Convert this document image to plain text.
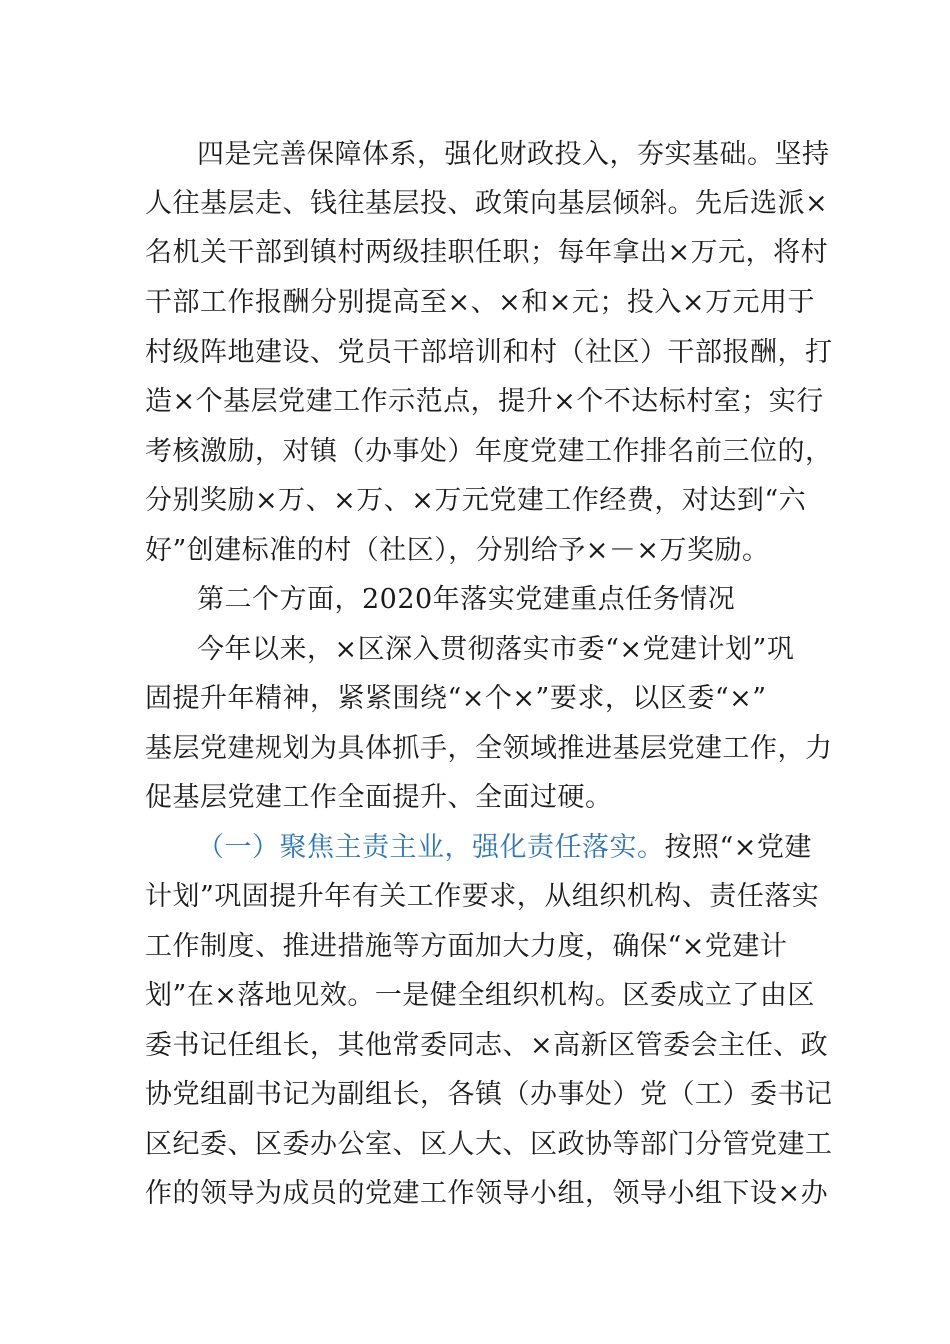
四是完善保障体系，强化财政投入，夯实基础。坚持
人往基层走、钱往基层投、政策向基层倾斜。先后选派×
名机关干部到镇村两级挂职任职；每年拿出×万元，将村
干部工作报酬分别提高至×、×和×元；投入×万元用于
村级阵地建设、党员干部培训和村（社区）干部报酬，打
造×个基层党建工作示范点，提升×个不达标村室；实行
考核激励，对镇（办事处）年度党建工作排名前三位的，
分别奖励×万、×万、×万元党建工作经费，对达到“六
好”创建标准的村（社区），分别给予×－×万奖励。
第二个方面，2020年落实党建重点任务情况
今年以来，×区深入贯彻落实市委“×党建计划”巩
固提升年精神，紧紧围绕“×个×”要求，以区委“×”
基层党建规划为具体抓手，全领域推进基层党建工作，力
促基层党建工作全面提升、全面过硬。
（一）聚焦主责主业，强化责任落实。按照“×党建
计划”巩固提升年有关工作要求，从组织机构、责任落实
工作制度、推进措施等方面加大力度，确保“×党建计
划”在×落地见效。一是健全组织机构。区委成立了由区
委书记任组长，其他常委同志、×高新区管委会主任、政
协党组副书记为副组长，各镇（办事处）党（工）委书记
区纪委、区委办公室、区人大、区政协等部门分管党建工
作的领导为成员的党建工作领导小组，领导小组下设×办
